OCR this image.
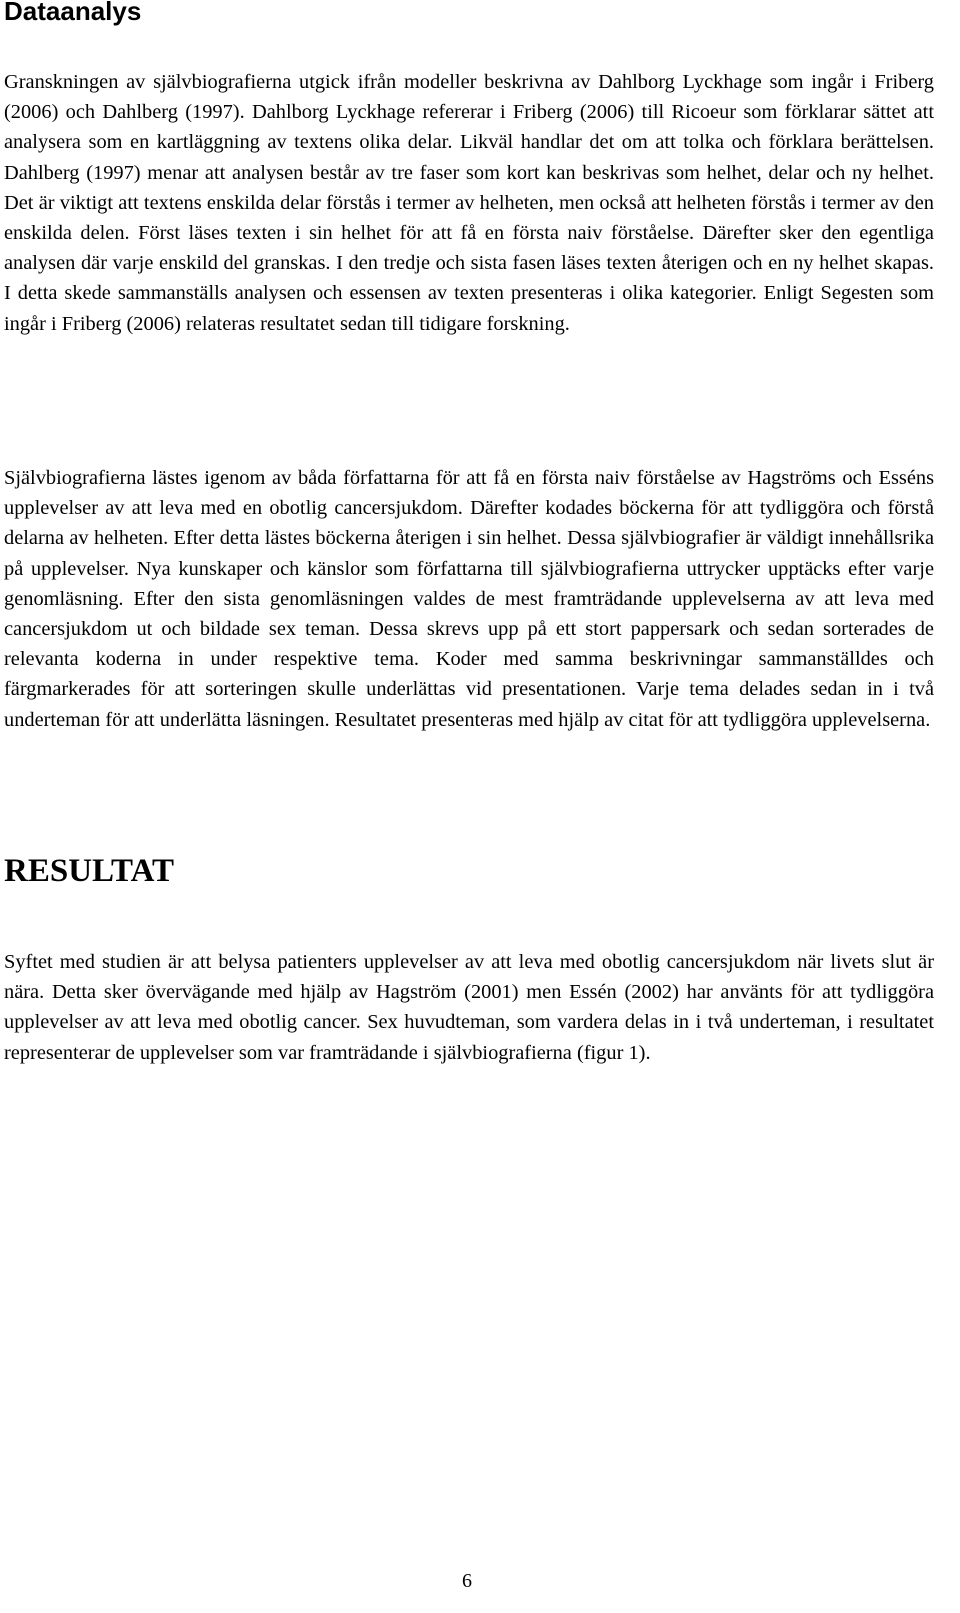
Dataanalys

Granskningen av självbiografierna utgick ifrån modeller beskrivna av Dahlborg Lyckhage som ingår i Friberg (2006) och Dahlberg (1997). Dahlborg Lyckhage refererar i Friberg (2006) till Ricoeur som förklarar sättet att analysera som en kartläggning av textens olika delar. Likväl handlar det om att tolka och förklara berättelsen. Dahlberg (1997) menar att analysen består av tre faser som kort kan beskrivas som helhet, delar och ny helhet. Det är viktigt att textens enskilda delar förstås i termer av helheten, men också att helheten förstås i termer av den enskilda delen. Först läses texten i sin helhet för att få en första naiv förståelse. Därefter sker den egentliga analysen där varje enskild del granskas. I den tredje och sista fasen läses texten återigen och en ny helhet skapas. I detta skede sammanställs analysen och essensen av texten presenteras i olika kategorier. Enligt Segesten som ingår i Friberg (2006) relateras resultatet sedan till tidigare forskning.

Självbiografierna lästes igenom av båda författarna för att få en första naiv förståelse av Hagströms och Esséns upplevelser av att leva med en obotlig cancersjukdom. Därefter kodades böckerna för att tydliggöra och förstå delarna av helheten. Efter detta lästes böckerna återigen i sin helhet. Dessa självbiografier är väldigt innehållsrika på upplevelser. Nya kunskaper och känslor som författarna till självbiografierna uttrycker upptäcks efter varje genomläsning. Efter den sista genomläsningen valdes de mest framträdande upplevelserna av att leva med cancersjukdom ut och bildade sex teman. Dessa skrevs upp på ett stort pappersark och sedan sorterades de relevanta koderna in under respektive tema. Koder med samma beskrivningar sammanställdes och färgmarkerades för att sorteringen skulle underlättas vid presentationen. Varje tema delades sedan in i två underteman för att underlätta läsningen. Resultatet presenteras med hjälp av citat för att tydliggöra upplevelserna.

RESULTAT

Syftet med studien är att belysa patienters upplevelser av att leva med obotlig cancersjukdom när livets slut är nära. Detta sker övervägande med hjälp av Hagström (2001) men Essén (2002) har använts för att tydliggöra upplevelser av att leva med obotlig cancer. Sex huvudteman, som vardera delas in i två underteman, i resultatet representerar de upplevelser som var framträdande i självbiografierna (figur 1).

6
